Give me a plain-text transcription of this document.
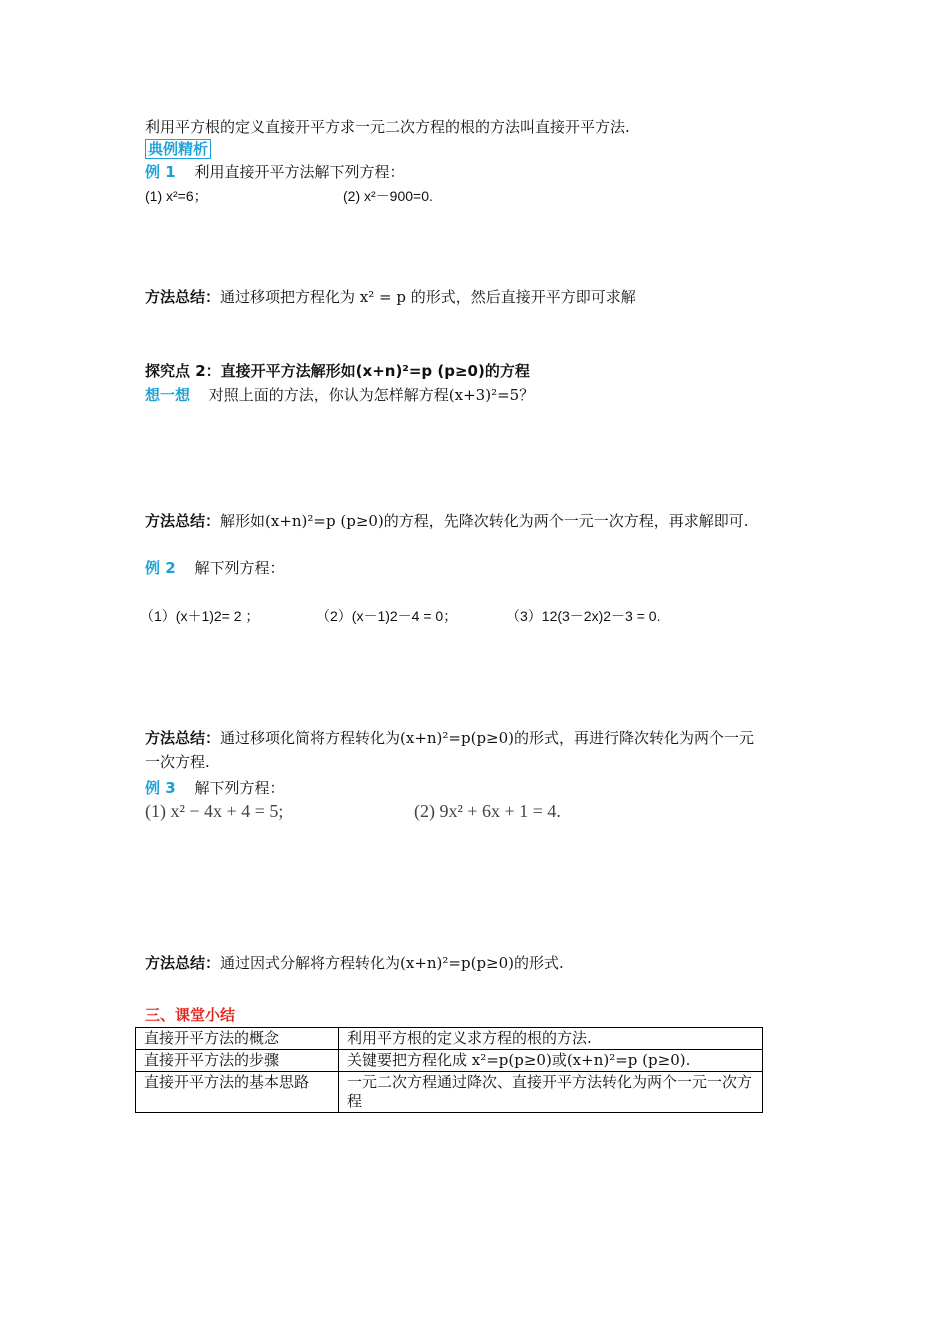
利用平方根的定义直接开平方求一元二次方程的根的方法叫直接开平方法.
典例精析
例 1 利用直接开平方法解下列方程：
(1) x²=6；	(2) x²－900=0.
方法总结：通过移项把方程化为 x² = p 的形式，然后直接开平方即可求解
探究点 2：直接开平方法解形如(x+n)²=p (p≥0)的方程
想一想 对照上面的方法，你认为怎样解方程(x+3)²=5？
方法总结：解形如(x+n)²=p (p≥0)的方程，先降次转化为两个一元一次方程，再求解即可.
例 2 解下列方程：
（1）(x＋1)2= 2 ；	（2）(x－1)2－4 = 0；	（3）12(3－2x)2－3 = 0.
方法总结：通过移项化简将方程转化为(x+n)²=p(p≥0)的形式，再进行降次转化为两个一元
一次方程.
例 3 解下列方程：
(1) x² − 4x + 4 = 5;	(2) 9x² + 6x + 1 = 4.
方法总结：通过因式分解将方程转化为(x+n)²=p(p≥0)的形式.
三、课堂小结
直接开平方法的概念	利用平方根的定义求方程的根的方法.
直接开平方法的步骤	关键要把方程化成 x²=p(p≥0)或(x+n)²=p (p≥0).
直接开平方法的基本思路	一元二次方程通过降次、直接开平方法转化为两个一元一次方程
